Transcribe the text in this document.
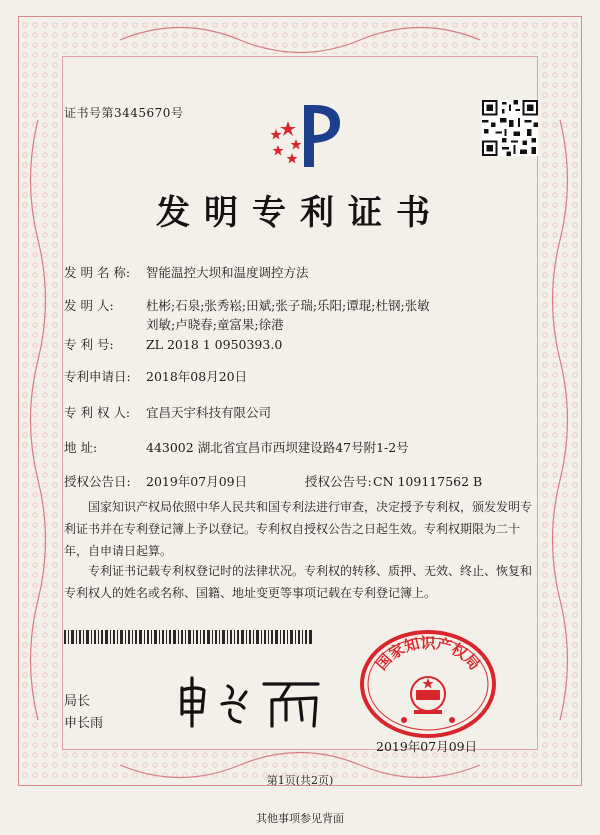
证书号第3445670号
发明专利证书
发 明 名 称: 智能温控大坝和温度调控方法
发 明 人:	杜彬;石泉;张秀崧;田斌;张子瑞;乐阳;谭琨;杜钢;张敏
刘敏;卢晓春;童富果;徐港
专 利 号:	ZL 2018 1 0950393.0
专利申请日: 2018年08月20日
专 利 权 人: 宜昌天宇科技有限公司
地 址:	443002 湖北省宜昌市西坝建设路47号附1-2号
授权公告日: 2019年07月09日	授权公告号:CN 109117562 B
国家知识产权局依照中华人民共和国专利法进行审查，决定授予专利权，颁发发明专利证书并在专利登记簿上予以登记。专利权自授权公告之日起生效。专利权期限为二十年，自申请日起算。
专利证书记载专利权登记时的法律状况。专利权的转移、质押、无效、终止、恢复和专利权人的姓名或名称、国籍、地址变更等事项记载在专利登记簿上。
局长
申长雨
国家知识产权局
2019年07月09日
第1页(共2页)
其他事项参见背面
